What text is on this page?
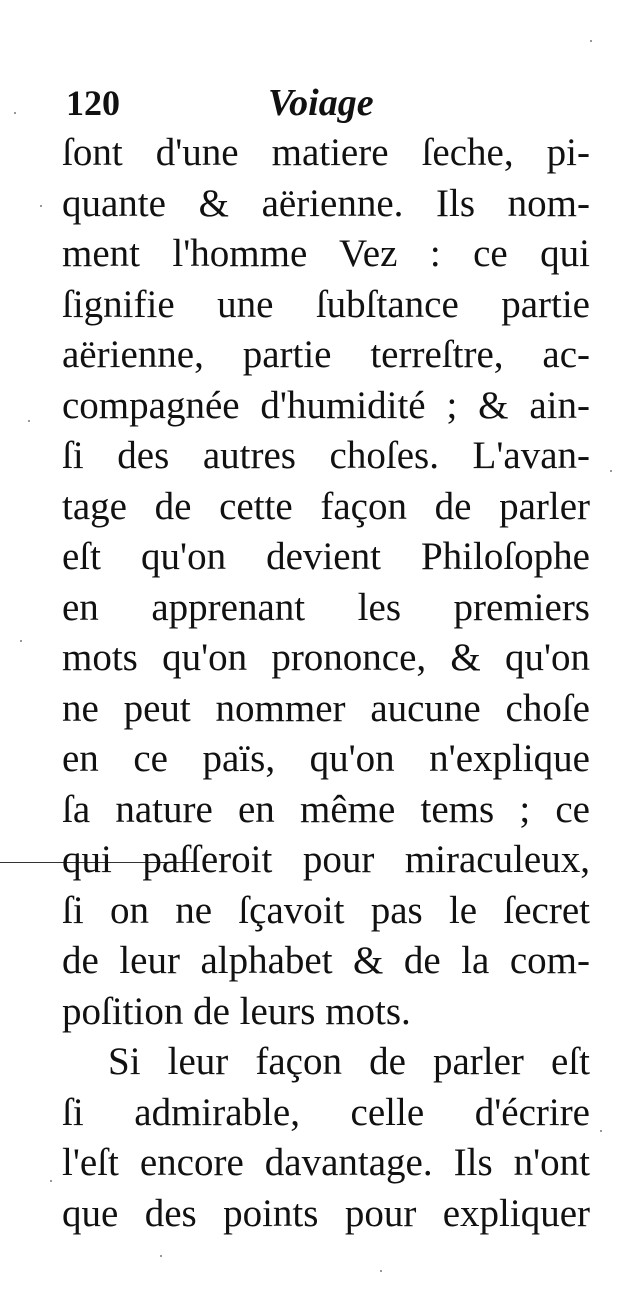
120	Voiage
ſont d'une matiere ſeche, pi-
quante & aërienne. Ils nom-
ment l'homme Vez : ce qui
ſignifie une ſubſtance partie
aërienne, partie terreſtre, ac-
compagnée d'humidité ; & ain-
ſi des autres choſes. L'avan-
tage de cette façon de parler
eſt qu'on devient Philoſophe
en apprenant les premiers
mots qu'on prononce, & qu'on
ne peut nommer aucune choſe
en ce païs, qu'on n'explique
ſa nature en même tems ; ce
qui paſſeroit pour miraculeux,
ſi on ne ſçavoit pas le ſecret
de leur alphabet & de la com-
poſition de leurs mots.
Si leur façon de parler eſt
ſi admirable, celle d'écrire
l'eſt encore davantage. Ils n'ont
que des points pour expliquer
